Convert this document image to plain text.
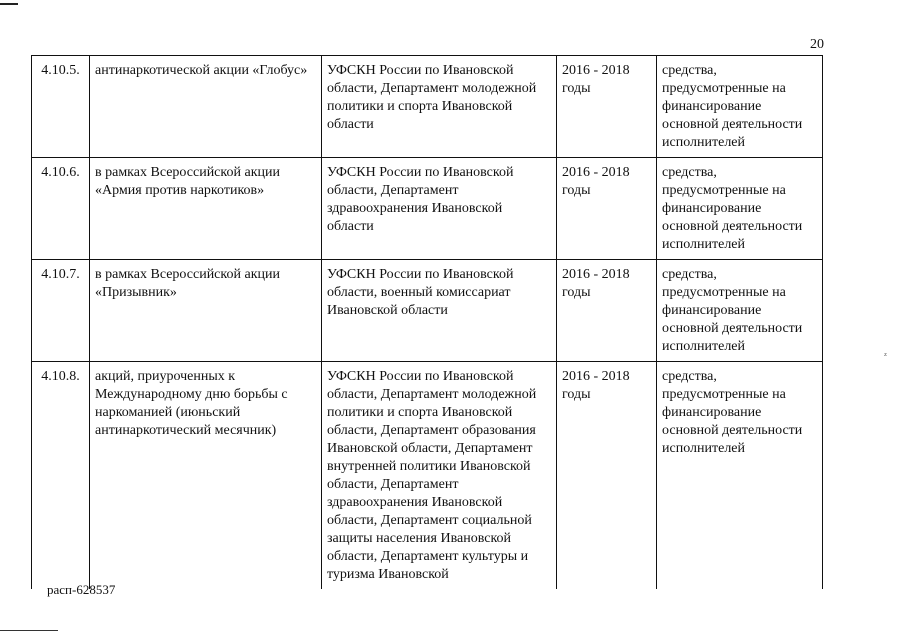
20
ᶻ
4.10.5.	антинаркотической акции «Глобус»	УФСКН России по Ивановской области, Департамент молодежной политики и спорта Ивановской области	2016 - 2018 годы	средства, предусмотренные на финансирование основной деятельности исполнителей
4.10.6.	в рамках Всероссийской акции «Армия против наркотиков»	УФСКН России по Ивановской области, Департамент здравоохранения Ивановской области	2016 - 2018 годы	средства, предусмотренные на финансирование основной деятельности исполнителей
4.10.7.	в рамках Всероссийской акции «Призывник»	УФСКН России по Ивановской области, военный комиссариат Ивановской области	2016 - 2018 годы	средства, предусмотренные на финансирование основной деятельности исполнителей
4.10.8.	акций, приуроченных к Международному дню борьбы с наркоманией (июньский антинаркотический месячник)	УФСКН России по Ивановской области, Департамент молодежной политики и спорта Ивановской области, Департамент образования Ивановской области, Департамент внутренней политики Ивановской области, Департамент здравоохранения Ивановской области, Департамент социальной защиты населения Ивановской области, Департамент культуры и туризма Ивановской	2016 - 2018 годы	средства, предусмотренные на финансирование основной деятельности исполнителей
расп-628537
